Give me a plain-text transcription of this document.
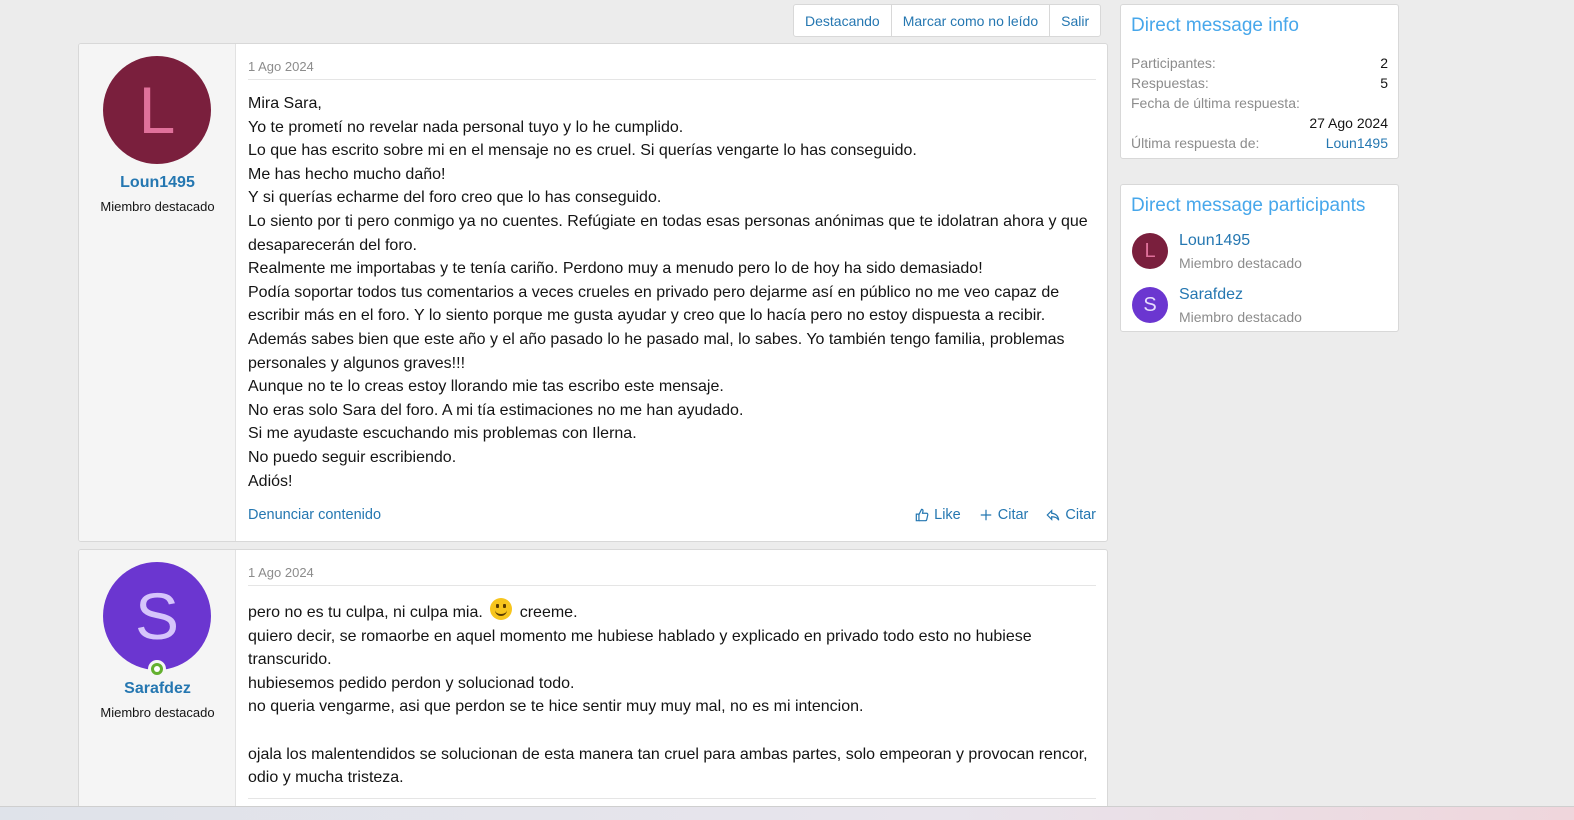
Destacando	Marcar como no leído	Salir
L
Loun1495
Miembro destacado
1 Ago 2024

Mira Sara,

Yo te prometí no revelar nada personal tuyo y lo he cumplido.

Lo que has escrito sobre mi en el mensaje no es cruel. Si querías vengarte lo has conseguido.

Me has hecho mucho daño!

Y si querías echarme del foro creo que lo has conseguido.

Lo siento por ti pero conmigo ya no cuentes. Refúgiate en todas esas personas anónimas que te idolatran ahora y que desaparecerán del foro.

Realmente me importabas y te tenía cariño. Perdono muy a menudo pero lo de hoy ha sido demasiado!

Podía soportar todos tus comentarios a veces crueles en privado pero dejarme así en público no me veo capaz de escribir más en el foro. Y lo siento porque me gusta ayudar y creo que lo hacía pero no estoy dispuesta a recibir.

Además sabes bien que este año y el año pasado lo he pasado mal, lo sabes. Yo también tengo familia, problemas personales y algunos graves!!!

Aunque no te lo creas estoy llorando mie tas escribo este mensaje.

No eras solo Sara del foro. A mi tía estimaciones no me han ayudado.

Si me ayudaste escuchando mis problemas con Ilerna.

No puedo seguir escribiendo.

Adiós!

Denunciar contenido	Like	Citar	Citar
S
Sarafdez
Miembro destacado
1 Ago 2024

pero no es tu culpa, ni culpa mia. creeme.

quiero decir, se romaorbe en aquel momento me hubiese hablado y explicado en privado todo esto no hubiese transcurido.

hubiesemos pedido perdon y solucionad todo.

no queria vengarme, asi que perdon se te hice sentir muy muy mal, no es mi intencion.

ojala los malentendidos se solucionan de esta manera tan cruel para ambas partes, solo empeoran y provocan rencor, odio y mucha tristeza.

Direct message info
Participantes:	2
Respuestas:	5
Fecha de última respuesta:
27 Ago 2024
Última respuesta de:	Loun1495
Direct message participants
L	Loun1495
Miembro destacado
S	Sarafdez
Miembro destacado
